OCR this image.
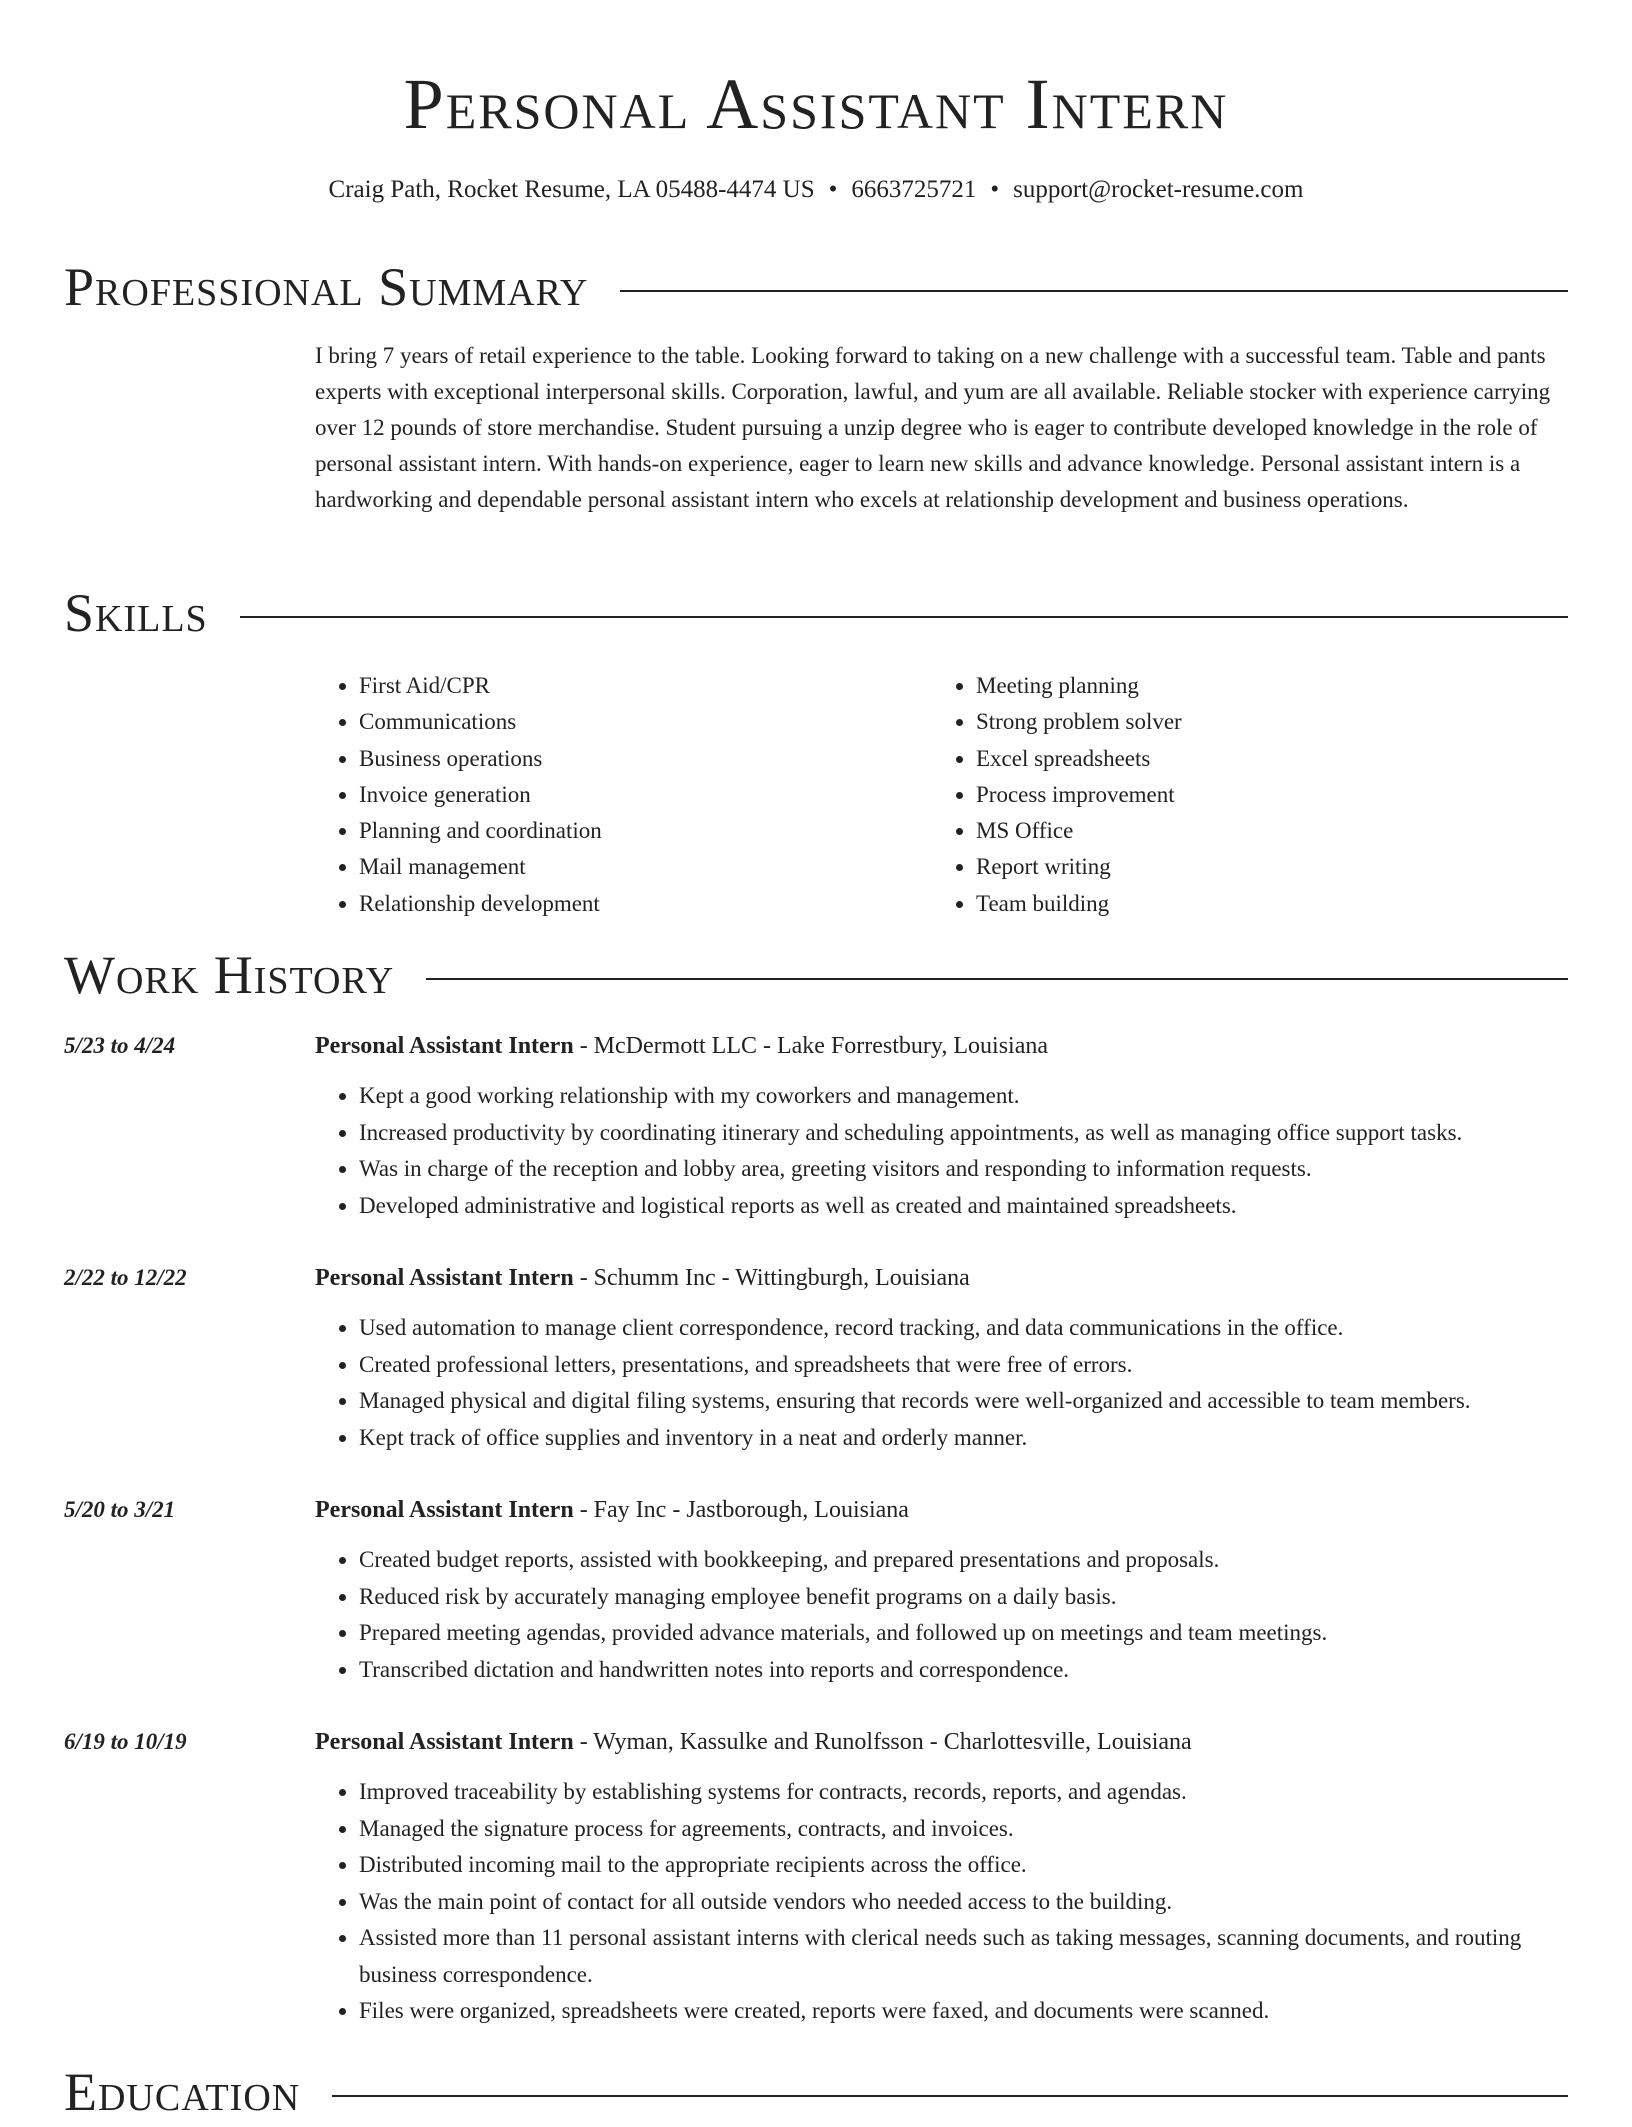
Personal Assistant Intern
Craig Path, Rocket Resume, LA 05488-4474 US • 6663725721 • support@rocket-resume.com
Professional Summary

I bring 7 years of retail experience to the table. Looking forward to taking on a new challenge with a successful team. Table and pants experts with exceptional interpersonal skills. Corporation, lawful, and yum are all available. Reliable stocker with experience carrying over 12 pounds of store merchandise. Student pursuing a unzip degree who is eager to contribute developed knowledge in the role of personal assistant intern. With hands-on experience, eager to learn new skills and advance knowledge. Personal assistant intern is a hardworking and dependable personal assistant intern who excels at relationship development and business operations.

Skills
• First Aid/CPR
• Communications
• Business operations
• Invoice generation
• Planning and coordination
• Mail management
• Relationship development
• Meeting planning
• Strong problem solver
• Excel spreadsheets
• Process improvement
• MS Office
• Report writing
• Team building
Work History
5/23 to 4/24	Personal Assistant Intern - McDermott LLC - Lake Forrestbury, Louisiana
• Kept a good working relationship with my coworkers and management.
• Increased productivity by coordinating itinerary and scheduling appointments, as well as managing office support tasks.
• Was in charge of the reception and lobby area, greeting visitors and responding to information requests.
• Developed administrative and logistical reports as well as created and maintained spreadsheets.
2/22 to 12/22	Personal Assistant Intern - Schumm Inc - Wittingburgh, Louisiana
• Used automation to manage client correspondence, record tracking, and data communications in the office.
• Created professional letters, presentations, and spreadsheets that were free of errors.
• Managed physical and digital filing systems, ensuring that records were well-organized and accessible to team members.
• Kept track of office supplies and inventory in a neat and orderly manner.
5/20 to 3/21	Personal Assistant Intern - Fay Inc - Jastborough, Louisiana
• Created budget reports, assisted with bookkeeping, and prepared presentations and proposals.
• Reduced risk by accurately managing employee benefit programs on a daily basis.
• Prepared meeting agendas, provided advance materials, and followed up on meetings and team meetings.
• Transcribed dictation and handwritten notes into reports and correspondence.
6/19 to 10/19	Personal Assistant Intern - Wyman, Kassulke and Runolfsson - Charlottesville, Louisiana
• Improved traceability by establishing systems for contracts, records, reports, and agendas.
• Managed the signature process for agreements, contracts, and invoices.
• Distributed incoming mail to the appropriate recipients across the office.
• Was the main point of contact for all outside vendors who needed access to the building.
• Assisted more than 11 personal assistant interns with clerical needs such as taking messages, scanning documents, and routing business correspondence.
• Files were organized, spreadsheets were created, reports were faxed, and documents were scanned.
Education
